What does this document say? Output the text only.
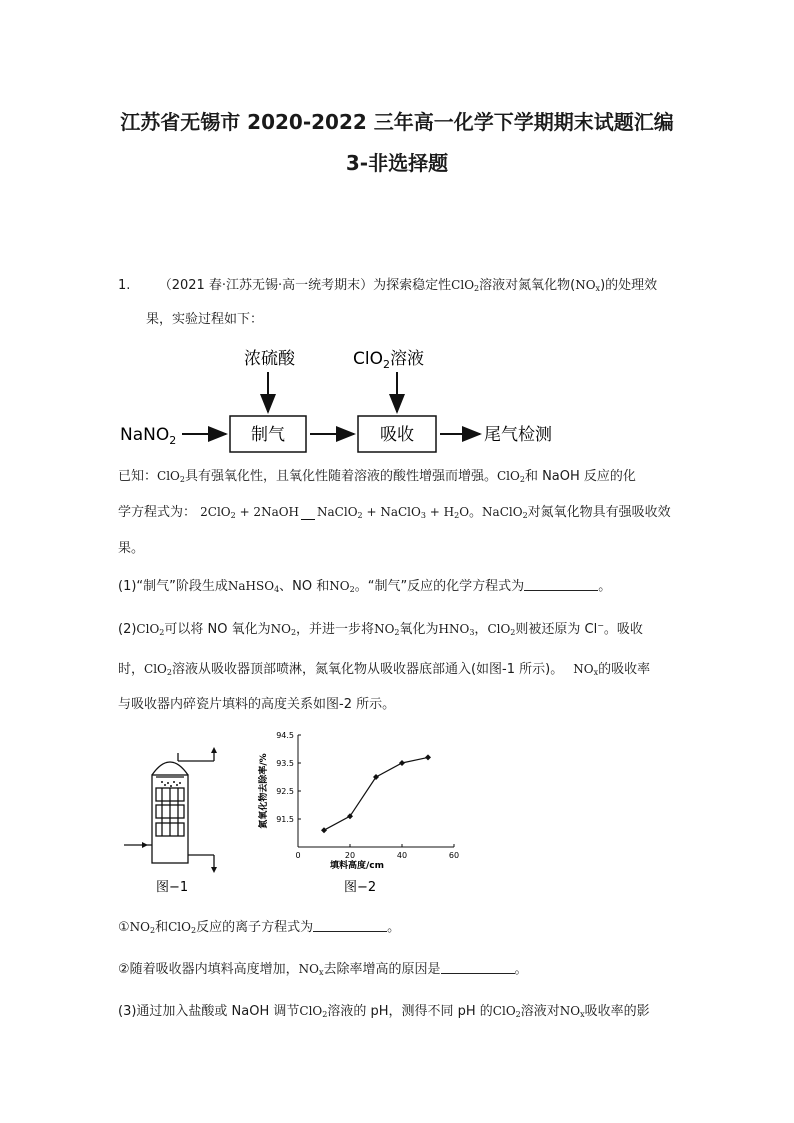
江苏省无锡市 2020-2022 三年高一化学下学期期末试题汇编
3-非选择题
1. （2021 春·江苏无锡·高一统考期末）为探索稳定性ClO$_2$溶液对氮氧化物$(NO_x)$的处理效
果，实验过程如下：
浓硫酸	ClO$_2$溶液
NaNO$_2$	制气	吸收	尾气检测
已知：ClO$_2$具有强氧化性，且氧化性随着溶液的酸性增强而增强。ClO$_2$和 NaOH 反应的化
学方程式为： 2ClO$_2$ + 2NaOH NaClO$_2$ + NaClO$_3$ + $H_2O$。NaClO$_2$对氮氧化物具有强吸收效
果。
(1)“制气”阶段生成NaHSO$_4$、NO 和$NO_2$。“制气”反应的化学方程式为	。
(2)ClO$_2$可以将 NO 氧化为$NO_2$，并进一步将$NO_2$氧化为$HNO_3$，ClO$_2$则被还原为 Cl−。吸收
时，ClO$_2$溶液从吸收器顶部喷淋，氮氧化物从吸收器底部通入(如图-1 所示)。 $NO_x$的吸收率
与吸收器内碎瓷片填料的高度关系如图-2 所示。
图−1
0	20	40	60
91.5
92.5
93.5
94.5
氮氧化物去除率/%
填料高度/cm
图−2
$①NO_2$和ClO$_2$反应的离子方程式为	。
②随着吸收器内填料高度增加，$NO_x$去除率增高的原因是	。
(3)通过加入盐酸或 NaOH 调节ClO$_2$溶液的 pH，测得不同 pH 的ClO$_2$溶液对$NO_x$吸收率的影
